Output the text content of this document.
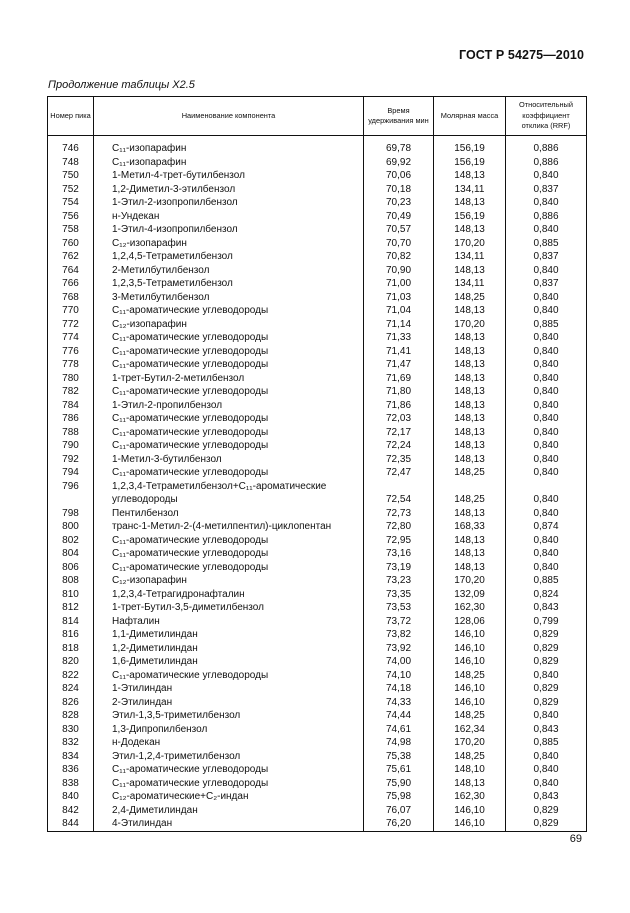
ГОСТ Р 54275—2010
Продолжение таблицы Х2.5
Номер пика	Наименование компонента	Время удерживания мин	Молярная масса	Относительный коэффициент отклика (RRF)

746	C₁₁-изопарафин	69,78	156,19	0,886
748	C₁₁-изопарафин	69,92	156,19	0,886
750	1-Метил-4-трет-бутилбензол	70,06	148,13	0,840
752	1,2-Диметил-3-этилбензол	70,18	134,11	0,837
754	1-Этил-2-изопропилбензол	70,23	148,13	0,840
756	н-Ундекан	70,49	156,19	0,886
758	1-Этил-4-изопропилбензол	70,57	148,13	0,840
760	C₁₂-изопарафин	70,70	170,20	0,885
762	1,2,4,5-Тетраметилбензол	70,82	134,11	0,837
764	2-Метилбутилбензол	70,90	148,13	0,840
766	1,2,3,5-Тетраметилбензол	71,00	134,11	0,837
768	3-Метилбутилбензол	71,03	148,25	0,840
770	C₁₁-ароматические углеводороды	71,04	148,13	0,840
772	C₁₂-изопарафин	71,14	170,20	0,885
774	C₁₁-ароматические углеводороды	71,33	148,13	0,840
776	C₁₁-ароматические углеводороды	71,41	148,13	0,840
778	C₁₁-ароматические углеводороды	71,47	148,13	0,840
780	1-трет-Бутил-2-метилбензол	71,69	148,13	0,840
782	C₁₁-ароматические углеводороды	71,80	148,13	0,840
784	1-Этил-2-пропилбензол	71,86	148,13	0,840
786	C₁₁-ароматические углеводороды	72,03	148,13	0,840
788	C₁₁-ароматические углеводороды	72,17	148,13	0,840
790	C₁₁-ароматические углеводороды	72,24	148,13	0,840
792	1-Метил-3-бутилбензол	72,35	148,13	0,840
794	C₁₁-ароматические углеводороды	72,47	148,25	0,840
796	1,2,3,4-Тетраметилбензол+C₁₁-ароматические			
	углеводороды	72,54	148,25	0,840
798	Пентилбензол	72,73	148,13	0,840
800	транс-1-Метил-2-(4-метилпентил)-циклопентан	72,80	168,33	0,874
802	C₁₁-ароматические углеводороды	72,95	148,13	0,840
804	C₁₁-ароматические углеводороды	73,16	148,13	0,840
806	C₁₁-ароматические углеводороды	73,19	148,13	0,840
808	C₁₂-изопарафин	73,23	170,20	0,885
810	1,2,3,4-Тетрагидронафталин	73,35	132,09	0,824
812	1-трет-Бутил-3,5-диметилбензол	73,53	162,30	0,843
814	Нафталин	73,72	128,06	0,799
816	1,1-Диметилиндан	73,82	146,10	0,829
818	1,2-Диметилиндан	73,92	146,10	0,829
820	1,6-Диметилиндан	74,00	146,10	0,829
822	C₁₁-ароматические углеводороды	74,10	148,25	0,840
824	1-Этилиндан	74,18	146,10	0,829
826	2-Этилиндан	74,33	146,10	0,829
828	Этил-1,3,5-триметилбензол	74,44	148,25	0,840
830	1,3-Дипропилбензол	74,61	162,34	0,843
832	н-Додекан	74,98	170,20	0,885
834	Этил-1,2,4-триметилбензол	75,38	148,25	0,840
836	C₁₁-ароматические углеводороды	75,61	148,10	0,840
838	C₁₁-ароматические углеводороды	75,90	148,13	0,840
840	C₁₂-ароматические+C₂-индан	75,98	162,30	0,843
842	2,4-Диметилиндан	76,07	146,10	0,829
844	4-Этилиндан	76,20	146,10	0,829
69
